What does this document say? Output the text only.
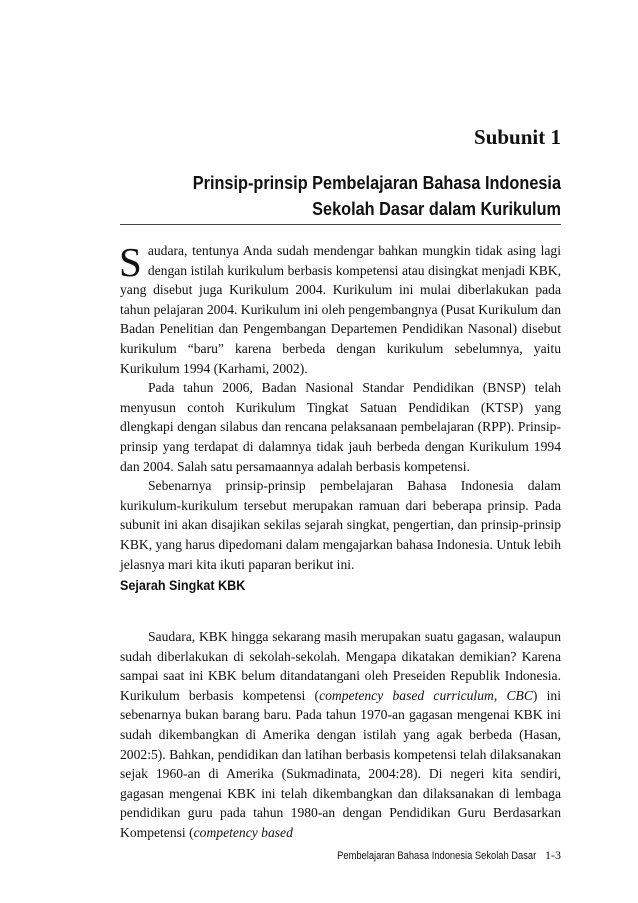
Subunit 1
Prinsip-prinsip Pembelajaran Bahasa Indonesia
Sekolah Dasar dalam Kurikulum

Saudara, tentunya Anda sudah mendengar bahkan mungkin tidak asing lagi dengan istilah kurikulum berbasis kompetensi atau disingkat menjadi KBK, yang disebut juga Kurikulum 2004. Kurikulum ini mulai diberlakukan pada tahun pelajaran 2004. Kurikulum ini oleh pengembangnya (Pusat Kurikulum dan Badan Penelitian dan Pengembangan Departemen Pendidikan Nasonal) disebut kurikulum “baru” karena berbeda dengan kurikulum sebelumnya, yaitu Kurikulum 1994 (Karhami, 2002).

Pada tahun 2006, Badan Nasional Standar Pendidikan (BNSP) telah menyusun contoh Kurikulum Tingkat Satuan Pendidikan (KTSP) yang dlengkapi dengan silabus dan rencana pelaksanaan pembelajaran (RPP). Prinsip-prinsip yang terdapat di dalamnya tidak jauh berbeda dengan Kurikulum 1994 dan 2004. Salah satu persamaannya adalah berbasis kompetensi.

Sebenarnya prinsip-prinsip pembelajaran Bahasa Indonesia dalam kurikulum-kurikulum tersebut merupakan ramuan dari beberapa prinsip. Pada subunit ini akan disajikan sekilas sejarah singkat, pengertian, dan prinsip-prinsip KBK, yang harus dipedomani dalam mengajarkan bahasa Indonesia. Untuk lebih jelasnya mari kita ikuti paparan berikut ini.

Sejarah Singkat KBK

Saudara, KBK hingga sekarang masih merupakan suatu gagasan, walaupun sudah diberlakukan di sekolah-sekolah. Mengapa dikatakan demikian? Karena sampai saat ini KBK belum ditandatangani oleh Preseiden Republik Indonesia. Kurikulum berbasis kompetensi (competency based curriculum, CBC) ini sebenarnya bukan barang baru. Pada tahun 1970-an gagasan mengenai KBK ini sudah dikembangkan di Amerika dengan istilah yang agak berbeda (Hasan, 2002:5). Bahkan, pendidikan dan latihan berbasis kompetensi telah dilaksanakan sejak 1960-an di Amerika (Sukmadinata, 2004:28). Di negeri kita sendiri, gagasan mengenai KBK ini telah dikembangkan dan dilaksanakan di lembaga pendidikan guru pada tahun 1980-an dengan Pendidikan Guru Berdasarkan Kompetensi (competency based

Pembelajaran Bahasa Indonesia Sekolah Dasar 1-3
